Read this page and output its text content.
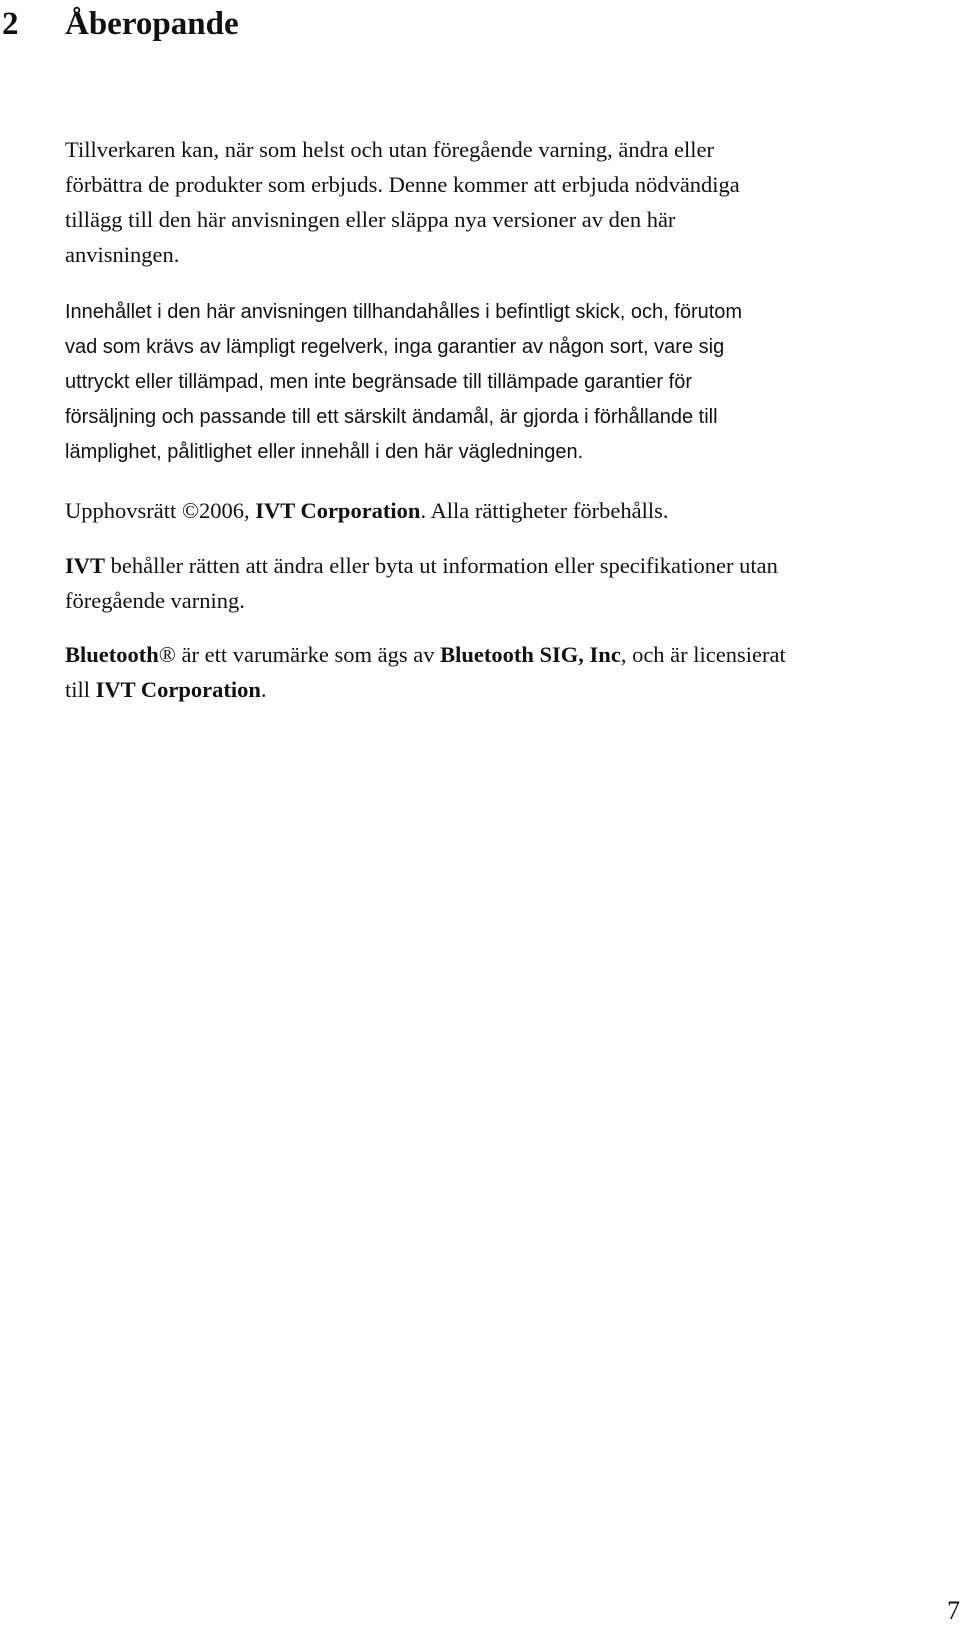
2 Åberopande

Tillverkaren kan, när som helst och utan föregående varning, ändra eller
förbättra de produkter som erbjuds. Denne kommer att erbjuda nödvändiga
tillägg till den här anvisningen eller släppa nya versioner av den här
anvisningen.

Innehållet i den här anvisningen tillhandahålles i befintligt skick, och, förutom
vad som krävs av lämpligt regelverk, inga garantier av någon sort, vare sig
uttryckt eller tillämpad, men inte begränsade till tillämpade garantier för
försäljning och passande till ett särskilt ändamål, är gjorda i förhållande till
lämplighet, pålitlighet eller innehåll i den här vägledningen.

Upphovsrätt ©2006, IVT Corporation. Alla rättigheter förbehålls.

IVT behåller rätten att ändra eller byta ut information eller specifikationer utan
föregående varning.

Bluetooth® är ett varumärke som ägs av Bluetooth SIG, Inc, och är licensierat
till IVT Corporation.

7
